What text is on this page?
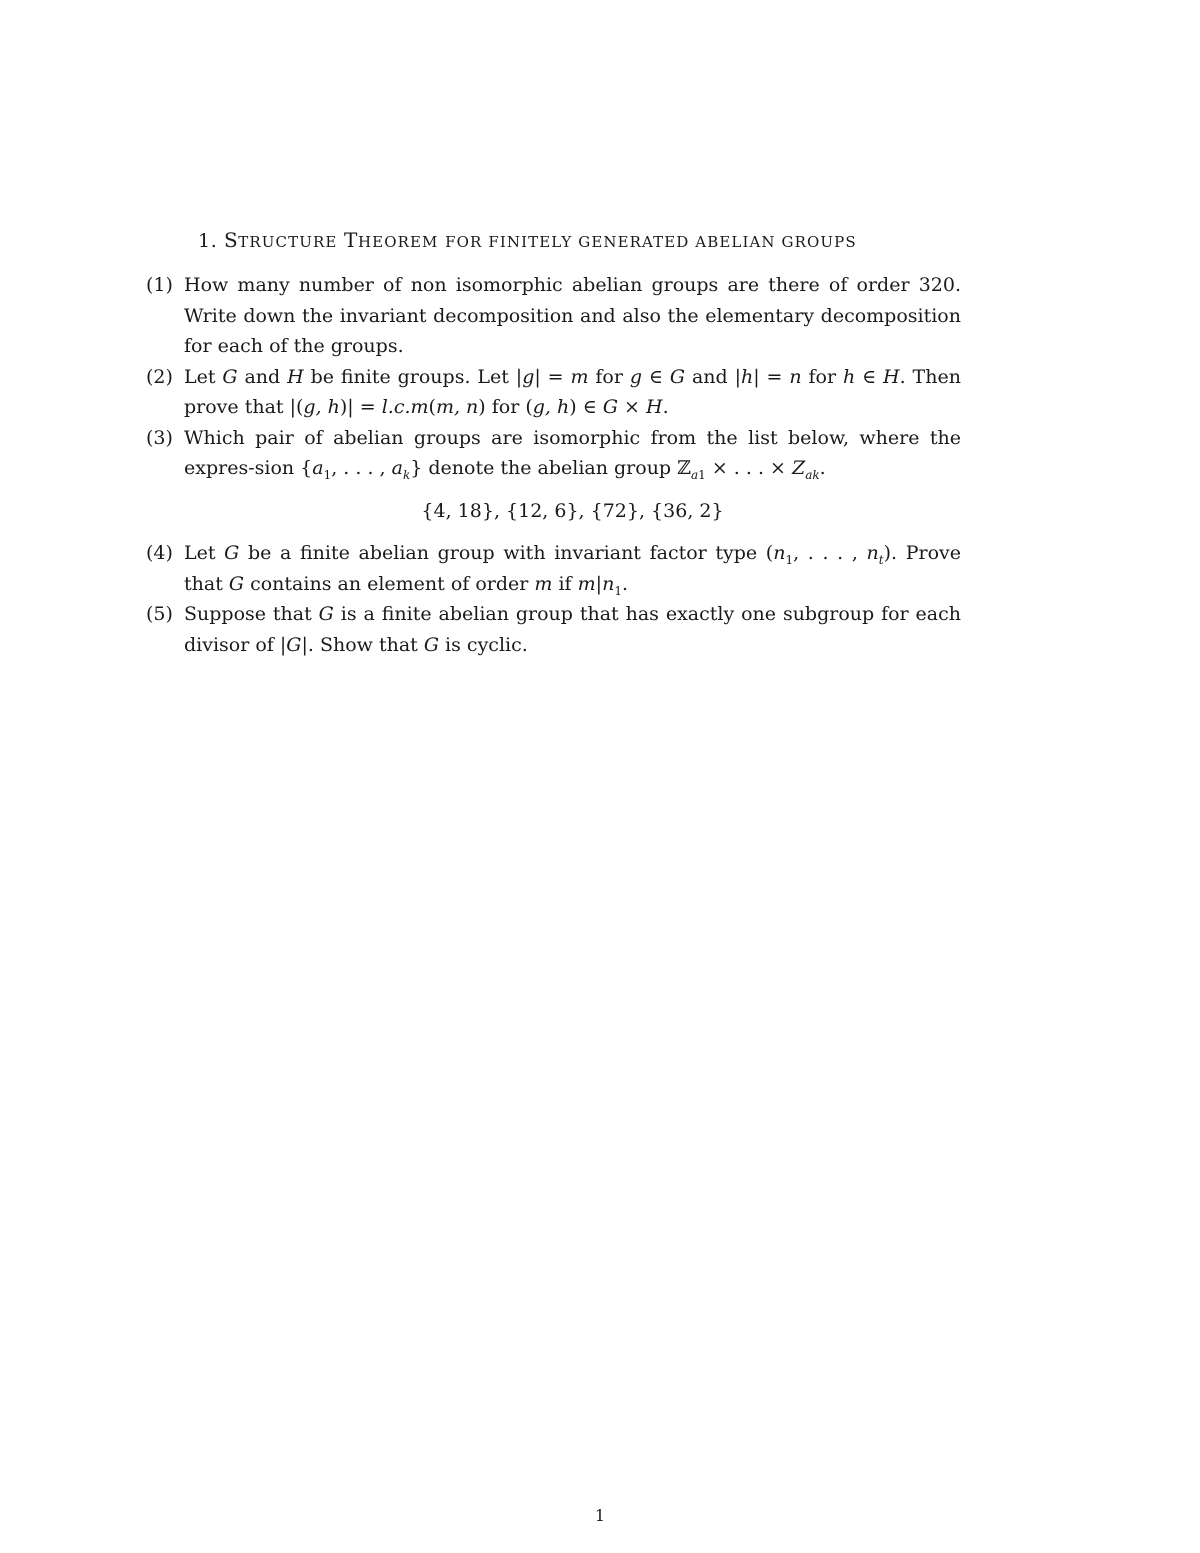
1. STRUCTURE THEOREM FOR FINITELY GENERATED ABELIAN GROUPS
(1) How many number of non isomorphic abelian groups are there of order 320. Write down the invariant decomposition and also the elementary decomposition for each of the groups.
(2) Let G and H be finite groups. Let |g| = m for g ∈ G and |h| = n for h ∈ H. Then prove that |(g, h)| = l.c.m(m, n) for (g, h) ∈ G × H.
(3) Which pair of abelian groups are isomorphic from the list below, where the expres-sion {$a_1$, . . . , $a_k$} denote the abelian group ℤ$_{a1}$ × . . . × $Z_{ak}$.
{4, 18}, {12, 6}, {72}, {36, 2}
(4) Let G be a finite abelian group with invariant factor type ($n_1$, . . . , $n_t$). Prove that G contains an element of order m if $m|n_1$.
(5) Suppose that G is a finite abelian group that has exactly one subgroup for each divisor of |G|. Show that G is cyclic.
1
